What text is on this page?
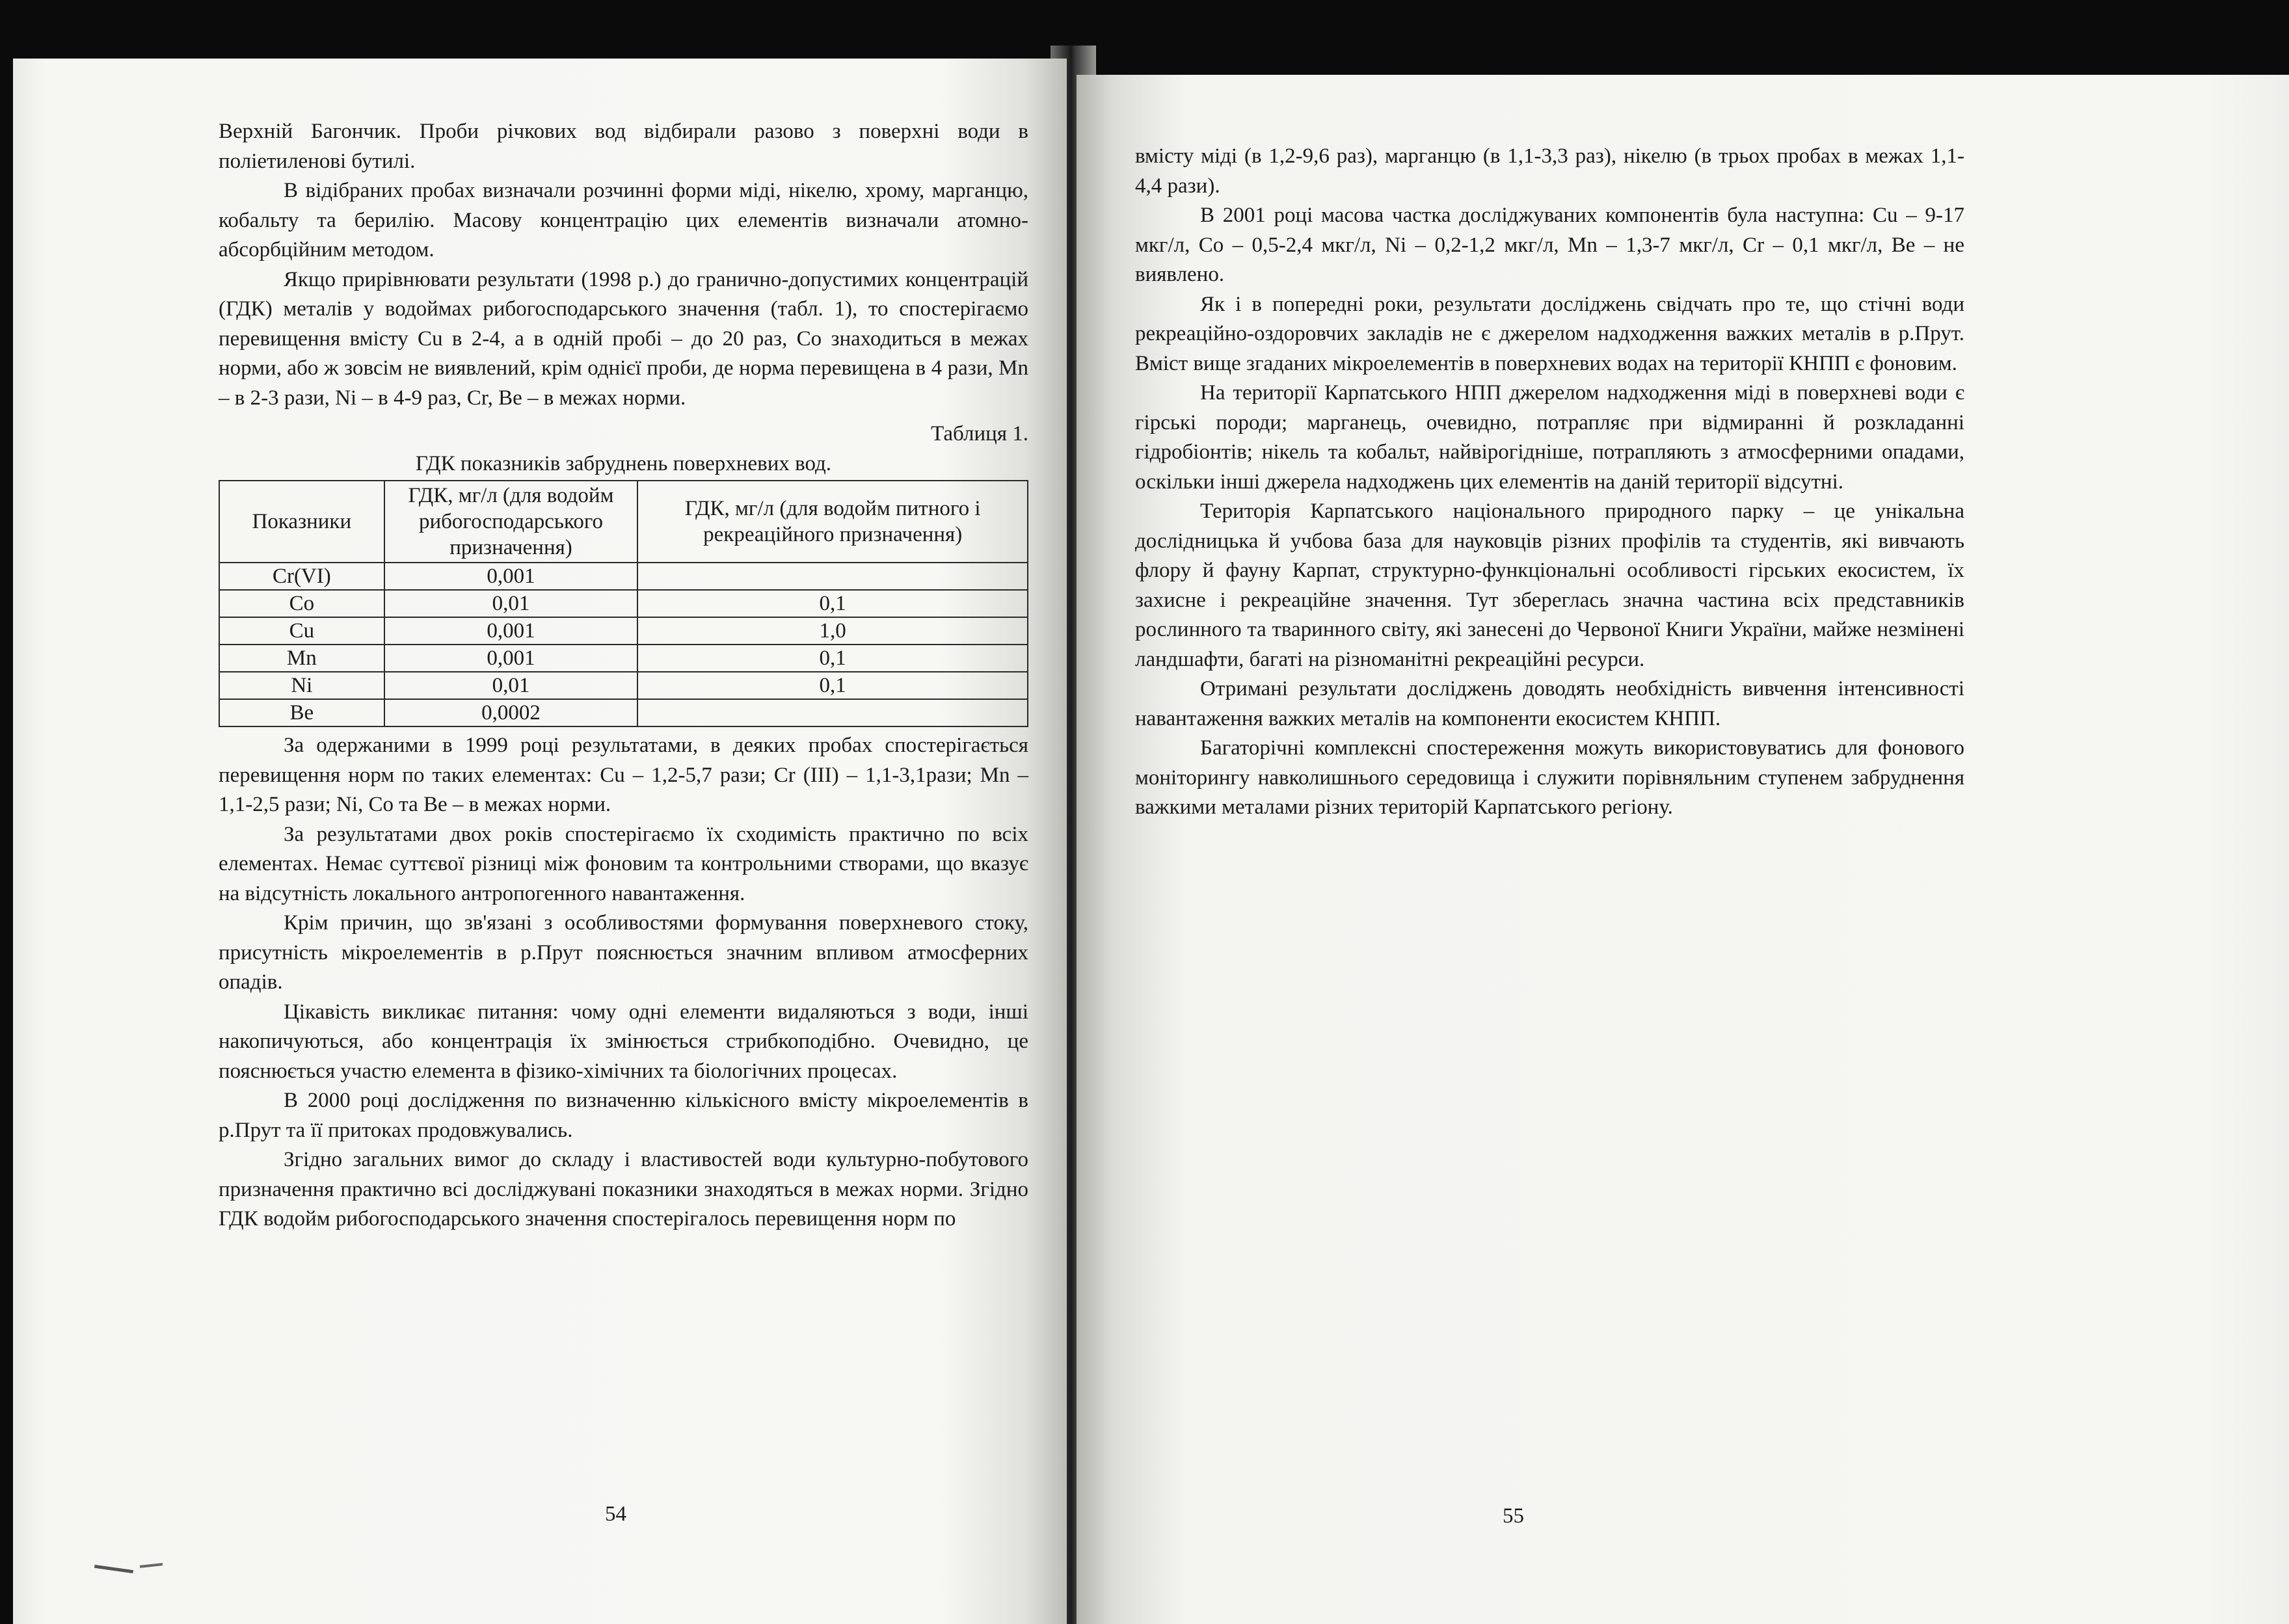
Верхній Багончик. Проби річкових вод відбирали разово з поверхні води в поліетиленові бутилі.

В відібраних пробах визначали розчинні форми міді, нікелю, хрому, марганцю, кобальту та берилію. Масову концентрацію цих елементів визначали атомно-абсорбційним методом.

Якщо прирівнювати результати (1998 р.) до гранично-допустимих концентрацій (ГДК) металів у водоймах рибогосподарського значення (табл. 1), то спостерігаємо перевищення вмісту Cu в 2-4, а в одній пробі – до 20 раз, Co знаходиться в межах норми, або ж зовсім не виявлений, крім однієї проби, де норма перевищена в 4 рази, Mn – в 2-3 рази, Ni – в 4-9 раз, Cr, Be – в межах норми.

Таблиця 1.

ГДК показників забруднень поверхневих вод.

Показники	ГДК, мг/л (для водойм рибогосподарського призначення)	ГДК, мг/л (для водойм питного і рекреаційного призначення)
Cr(VI)	0,001	
Co	0,01	0,1
Cu	0,001	1,0
Mn	0,001	0,1
Ni	0,01	0,1
Be	0,0002	

За одержаними в 1999 році результатами, в деяких пробах спостерігається перевищення норм по таких елементах: Cu – 1,2-5,7 рази; Cr (III) – 1,1-3,1рази; Mn – 1,1-2,5 рази; Ni, Co та Be – в межах норми.

За результатами двох років спостерігаємо їх сходимість практично по всіх елементах. Немає суттєвої різниці між фоновим та контрольними створами, що вказує на відсутність локального антропогенного навантаження.

Крім причин, що зв'язані з особливостями формування поверхневого стоку, присутність мікроелементів в р.Прут пояснюється значним впливом атмосферних опадів.

Цікавість викликає питання: чому одні елементи видаляються з води, інші накопичуються, або концентрація їх змінюється стрибкоподібно. Очевидно, це пояснюється участю елемента в фізико-хімічних та біологічних процесах.

В 2000 році дослідження по визначенню кількісного вмісту мікроелементів в р.Прут та її притоках продовжувались.

Згідно загальних вимог до складу і властивостей води культурно-побутового призначення практично всі досліджувані показники знаходяться в межах норми. Згідно ГДК водойм рибогосподарського значення спостерігалось перевищення норм по

вмісту міді (в 1,2-9,6 раз), марганцю (в 1,1-3,3 раз), нікелю (в трьох пробах в межах 1,1-4,4 рази).

В 2001 році масова частка досліджуваних компонентів була наступна: Cu – 9-17 мкг/л, Co – 0,5-2,4 мкг/л, Ni – 0,2-1,2 мкг/л, Mn – 1,3-7 мкг/л, Cr – 0,1 мкг/л, Be – не виявлено.

Як і в попередні роки, результати досліджень свідчать про те, що стічні води рекреаційно-оздоровчих закладів не є джерелом надходження важких металів в р.Прут. Вміст вище згаданих мікроелементів в поверхневих водах на території КНПП є фоновим.

На території Карпатського НПП джерелом надходження міді в поверхневі води є гірські породи; марганець, очевидно, потрапляє при відмиранні й розкладанні гідробіонтів; нікель та кобальт, найвірогідніше, потрапляють з атмосферними опадами, оскільки інші джерела надходжень цих елементів на даній території відсутні.

Територія Карпатського національного природного парку – це унікальна дослідницька й учбова база для науковців різних профілів та студентів, які вивчають флору й фауну Карпат, структурно-функціональні особливості гірських екосистем, їх захисне і рекреаційне значення. Тут збереглась значна частина всіх представників рослинного та тваринного світу, які занесені до Червоної Книги України, майже незмінені ландшафти, багаті на різноманітні рекреаційні ресурси.

Отримані результати досліджень доводять необхідність вивчення інтенсивності навантаження важких металів на компоненти екосистем КНПП.

Багаторічні комплексні спостереження можуть використовуватись для фонового моніторингу навколишнього середовища і служити порівняльним ступенем забруднення важкими металами різних територій Карпатського регіону.

54	55
